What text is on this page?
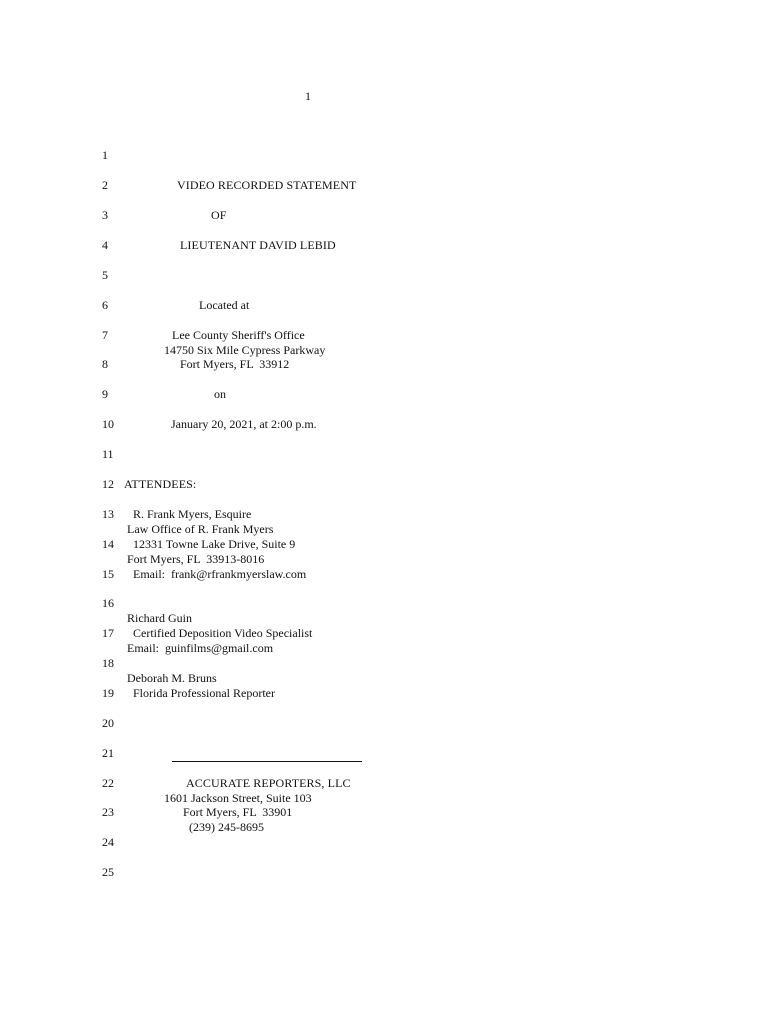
1
1
2
3
4
5
6
7
8
9
10
11
12
13
14
15
16
17
18
19
20
21
22
23
24
25
VIDEO RECORDED STATEMENT
OF
LIEUTENANT DAVID LEBID
Located at
Lee County Sheriff's Office
14750 Six Mile Cypress Parkway
Fort Myers, FL  33912
on
January 20, 2021, at 2:00 p.m.
ATTENDEES:
R. Frank Myers, Esquire
Law Office of R. Frank Myers
12331 Towne Lake Drive, Suite 9
Fort Myers, FL  33913-8016
Email:  frank@rfrankmyerslaw.com
Richard Guin
Certified Deposition Video Specialist
Email:  guinfilms@gmail.com
Deborah M. Bruns
Florida Professional Reporter
ACCURATE REPORTERS, LLC
1601 Jackson Street, Suite 103
Fort Myers, FL  33901
(239) 245-8695
